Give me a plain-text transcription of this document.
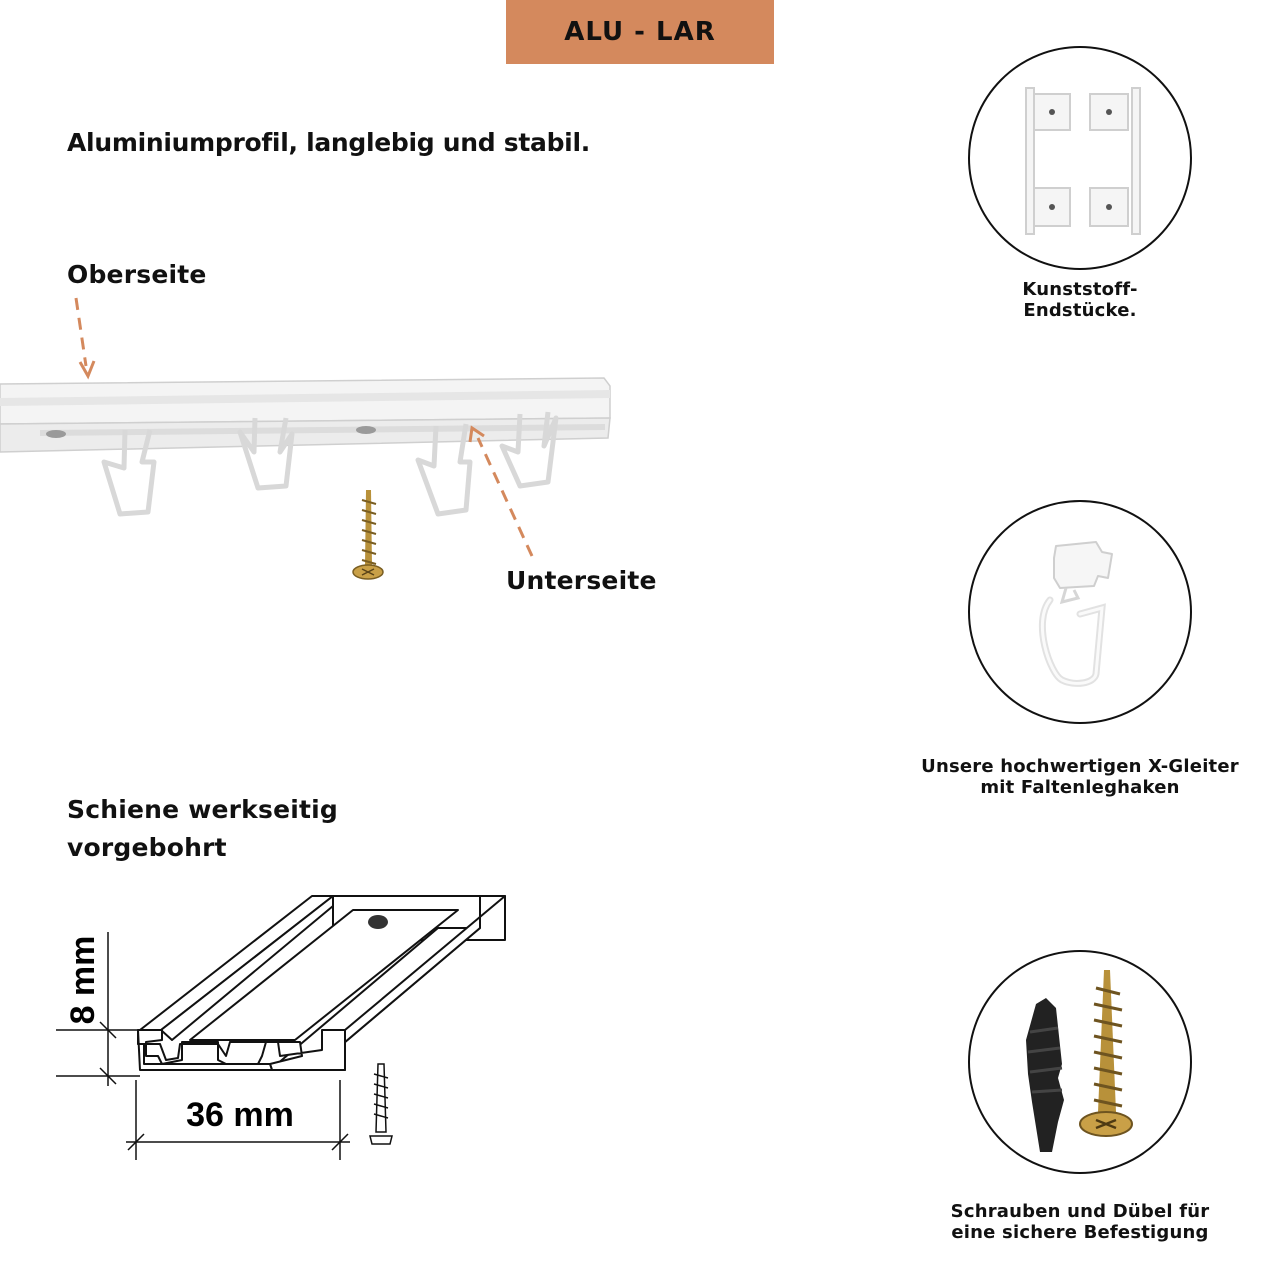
ALU - LAR
Aluminiumprofil, langlebig und stabil.
Oberseite
Unterseite
Schiene werkseitig
vorgebohrt
8 mm
36 mm
Kunststoff-
Endstücke.
Unsere hochwertigen X-Gleiter
mit Faltenleghaken
Schrauben und Dübel für
eine sichere Befestigung
